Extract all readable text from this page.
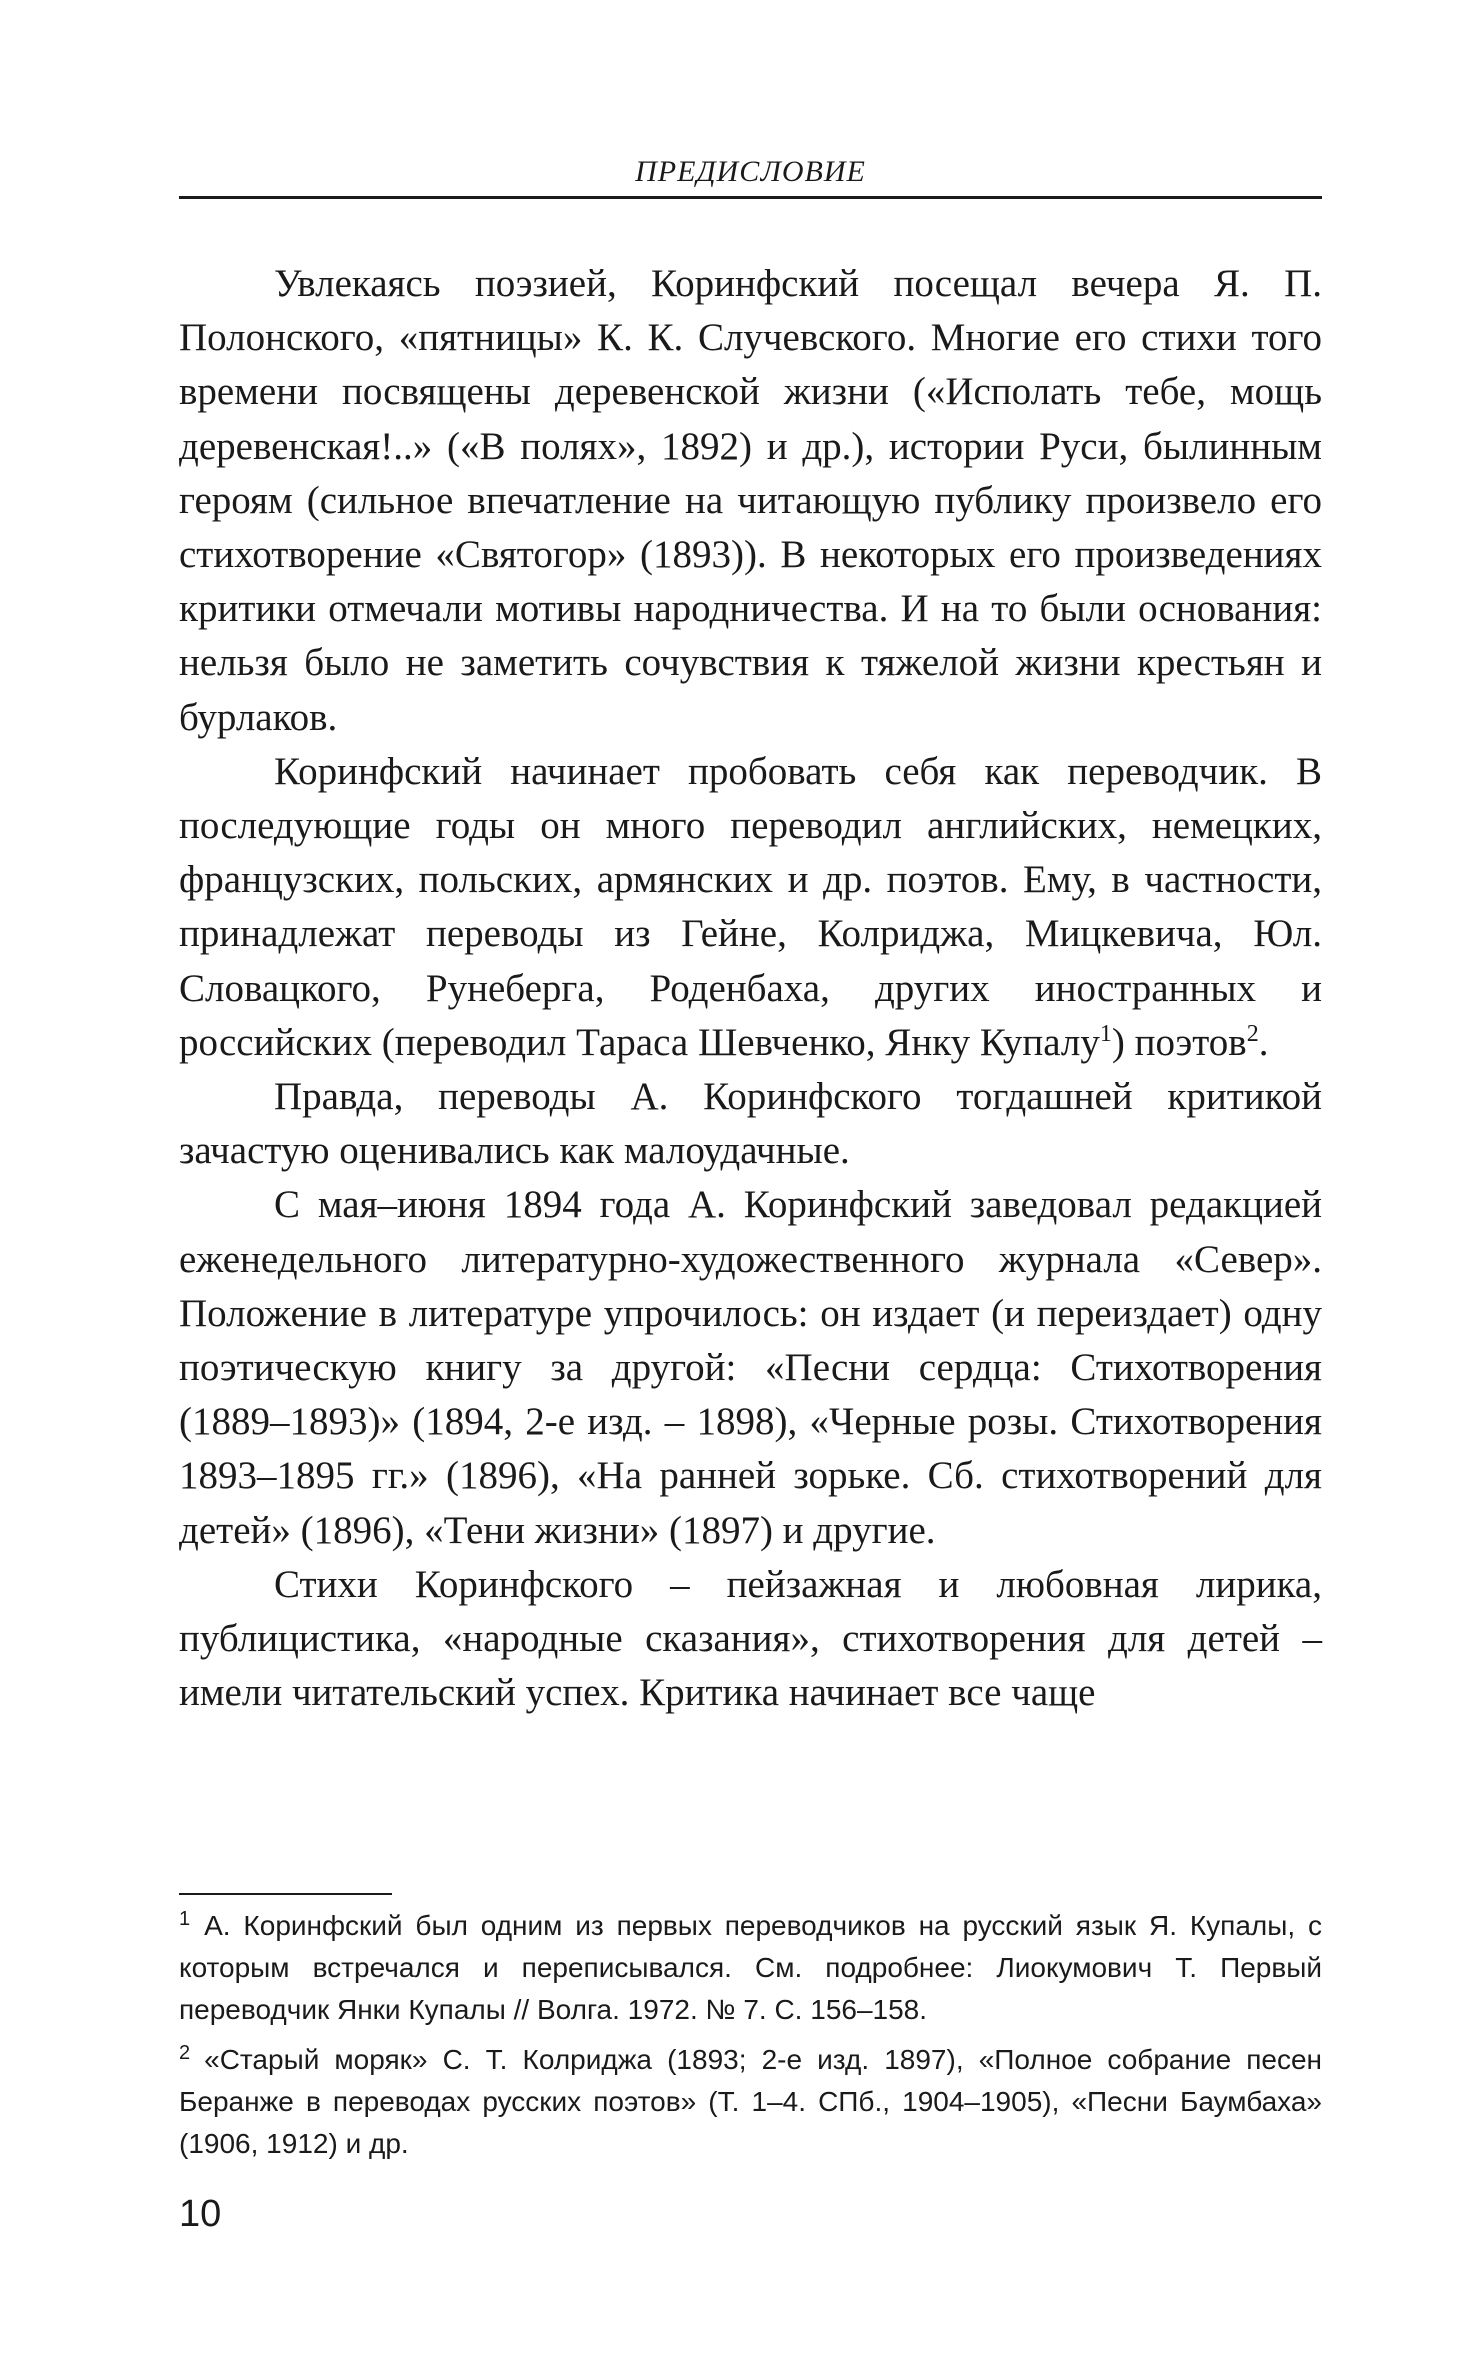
ПРЕДИСЛОВИЕ

Увлекаясь поэзией, Коринфский посещал вечера Я. П. Полонского, «пятницы» К. К. Случевского. Многие его стихи того времени посвящены деревенской жизни («Исполать тебе, мощь деревенская!..» («В полях», 1892) и др.), истории Руси, былинным героям (сильное впечатление на читающую публику произвело его стихотворение «Святогор» (1893)). В некоторых его произведениях критики отмечали мотивы народничества. И на то были основания: нельзя было не заметить сочувствия к тяжелой жизни крестьян и бурлаков.

Коринфский начинает пробовать себя как переводчик. В последующие годы он много переводил английских, немецких, французских, польских, армянских и др. поэтов. Ему, в частности, принадлежат переводы из Гейне, Колриджа, Мицкевича, Юл. Словацкого, Рунеберга, Роденбаха, других иностранных и российских (переводил Тараса Шевченко, Янку Купалу$^1$) поэтов$^2$.

Правда, переводы А. Коринфского тогдашней критикой зачастую оценивались как малоудачные.

С мая–июня 1894 года А. Коринфский заведовал редакцией еженедельного литературно-художественного журнала «Север». Положение в литературе упрочилось: он издает (и переиздает) одну поэтическую книгу за другой: «Песни сердца: Стихотворения (1889–1893)» (1894, 2-е изд. – 1898), «Черные розы. Стихотворения 1893–1895 гг.» (1896), «На ранней зорьке. Сб. стихотворений для детей» (1896), «Тени жизни» (1897) и другие.

Стихи Коринфского – пейзажная и любовная лирика, публицистика, «народные сказания», стихотворения для детей – имели читательский успех. Критика начинает все чаще

$^1$ А. Коринфский был одним из первых переводчиков на русский язык Я. Купалы, с которым встречался и переписывался. См. подробнее: Лиокумович Т. Первый переводчик Янки Купалы // Волга. 1972. № 7. С. 156–158.

$^2$ «Старый моряк» С. Т. Колриджа (1893; 2-е изд. 1897), «Полное собрание песен Беранже в переводах русских поэтов» (Т. 1–4. СПб., 1904–1905), «Песни Баумбаха» (1906, 1912) и др.

10
